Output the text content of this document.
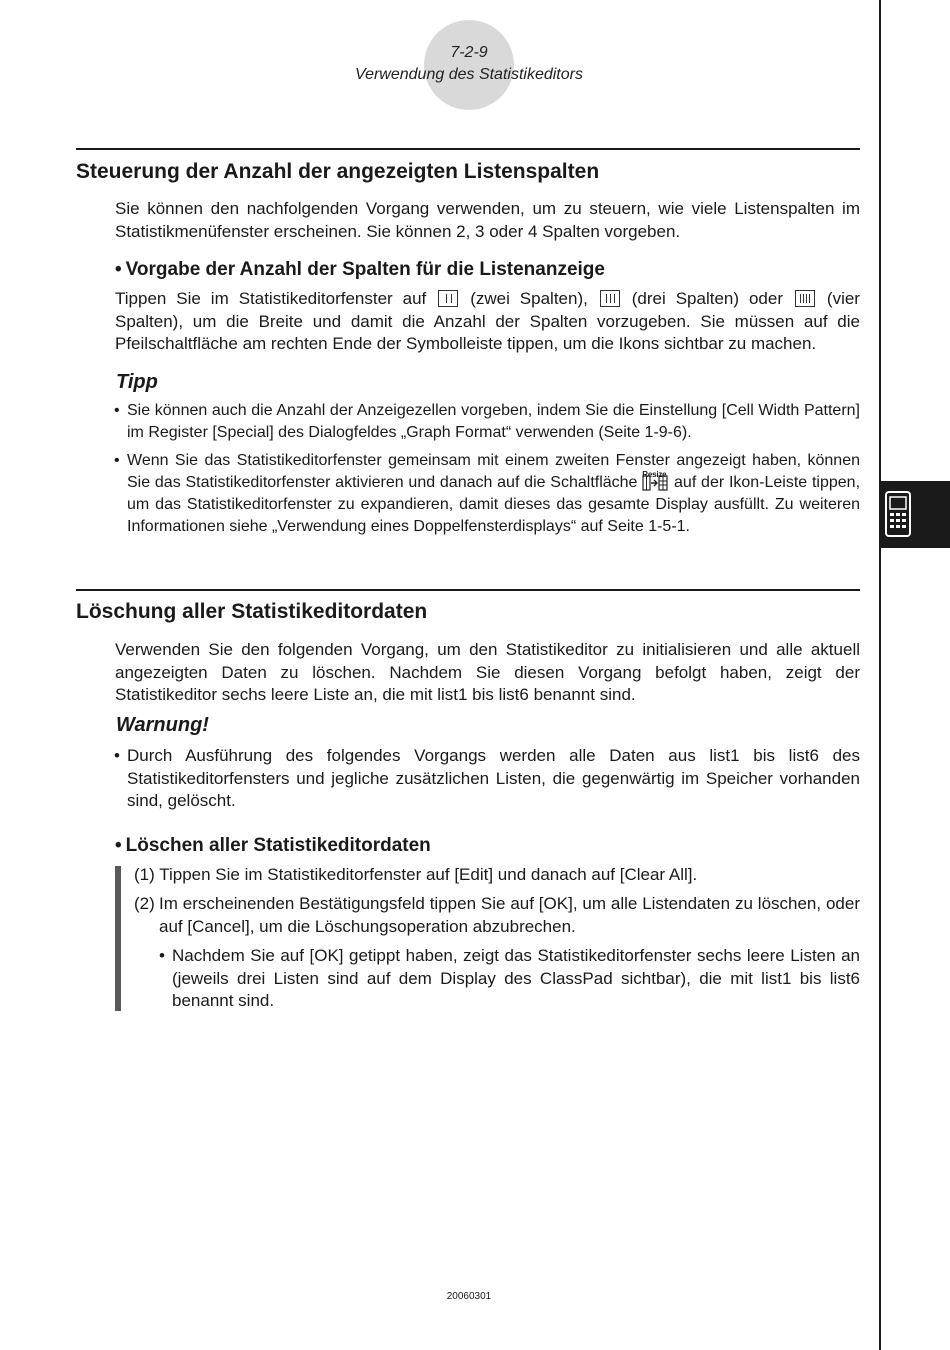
7-2-9
Verwendung des Statistikeditors
Steuerung der Anzahl der angezeigten Listenspalten
Sie können den nachfolgenden Vorgang verwenden, um zu steuern, wie viele Listenspalten im Statistikmenüfenster erscheinen. Sie können 2, 3 oder 4 Spalten vorgeben.
• Vorgabe der Anzahl der Spalten für die Listenanzeige
Tippen Sie im Statistikeditorfenster auf	(zwei Spalten),	(drei Spalten) oder	(vier Spalten), um die Breite und damit die Anzahl der Spalten vorzugeben. Sie müssen auf die Pfeilschaltfläche am rechten Ende der Symbolleiste tippen, um die Ikons sichtbar zu machen.
Tipp
• Sie können auch die Anzahl der Anzeigezellen vorgeben, indem Sie die Einstellung [Cell Width Pattern] im Register [Special] des Dialogfeldes „Graph Format“ verwenden (Seite 1-9-6).
• Wenn Sie das Statistikeditorfenster gemeinsam mit einem zweiten Fenster angezeigt haben, können Sie das Statistikeditorfenster aktivieren und danach auf die Schaltfläche Resize auf der Ikon-Leiste tippen, um das Statistikeditorfenster zu expandieren, damit dieses das gesamte Display ausfüllt. Zu weiteren Informationen siehe „Verwendung eines Doppelfensterdisplays“ auf Seite 1-5-1.
Löschung aller Statistikeditordaten
Verwenden Sie den folgenden Vorgang, um den Statistikeditor zu initialisieren und alle aktuell angezeigten Daten zu löschen. Nachdem Sie diesen Vorgang befolgt haben, zeigt der Statistikeditor sechs leere Liste an, die mit list1 bis list6 benannt sind.
Warnung!
• Durch Ausführung des folgendes Vorgangs werden alle Daten aus list1 bis list6 des Statistikeditorfensters und jegliche zusätzlichen Listen, die gegenwärtig im Speicher vorhanden sind, gelöscht.
• Löschen aller Statistikeditordaten
(1) Tippen Sie im Statistikeditorfenster auf [Edit] und danach auf [Clear All].
(2) Im erscheinenden Bestätigungsfeld tippen Sie auf [OK], um alle Listendaten zu löschen, oder auf [Cancel], um die Löschungsoperation abzubrechen.
• Nachdem Sie auf [OK] getippt haben, zeigt das Statistikeditorfenster sechs leere Listen an (jeweils drei Listen sind auf dem Display des ClassPad sichtbar), die mit list1 bis list6 benannt sind.
20060301
